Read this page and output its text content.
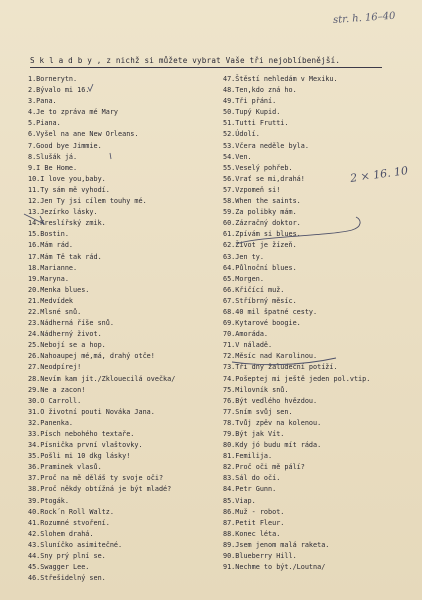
str. h. 16–40
S k l a d b y , z nichž si můžete vybrat Vaše tři nejoblíbenější.
1.Bornerytn.
2.Bývalo mi 16.
3.Pana.
4.Je to zpráva mé Mary
5.Piana.
6.Vyšel na ane New Orleans.
7.Good bye Jimmie.
8.Slušák já.
9.I Be Home.
10.I love you,baby.
11.Ty sám mě vyhodí.
12.Jen Ty jsi cílem touhy mé.
13.Jezírko lásky.
14.Kreslířský zmik.
15.Bostin.
16.Mám rád.
17.Mám Tě tak rád.
18.Marianne.
19.Maryna.
20.Menka blues.
21.Medvídek
22.Mlsné snů.
23.Nádherná říše snů.
24.Nádherný život.
25.Nebojí se a hop.
26.Nahoaupej mé,má, drahý otče!
27.Neodpírej!
28.Nevím kam jít./Zklouecilá ovečka/
29.Ne a zacon!
30.O Carroll.
31.O životní pouti Nováka Jana.
32.Panenka.
33.Písch nebohého textaře.
34.Písnička první vlaštovky.
35.Pošli mi 10 dkg lásky!
36.Praminek vlasů.
37.Proč na mě děláš ty svoje oči?
38.Proč někdy obtížná je být mladé?
39.Ptogák.
40.Rock´n Roll Waltz.
41.Rozumné stvoření.
42.Slohem drahá.
43.Sluníčko asimitečné.
44.Sny prý plní se.
45.Swagger Lee.
46.Střešidelný sen.
47.Štěstí nehledám v Mexiku.
48.Ten,kdo zná ho.
49.Tři přání.
50.Tupý Kupid.
51.Tutti Frutti.
52.Údolí.
53.Včera neděle byla.
54.Ven.
55.Veselý pohřeb.
56.Vrať se mi,drahá!
57.Vzpomeň si!
58.When the saints.
59.Za polibky mám.
60.Zázračný doktor.
61.Zpívám si blues.
62.Život je žízeň.
63.Jen ty.
64.Půlnoční blues.
65.Morgen.
66.Křičící muž.
67.Stříbrný měsíc.
68.40 mil špatné cesty.
69.Kytarové boogie.
70.Amoráda.
71.V náladě.
72.Měsíc nad Karolinou.
73.Tři dny žaludeční potíží.
74.Pošeptej mi ještě jeden pol.vtip.
75.Milovník snů.
76.Být vedlého hvězdou.
77.Sním svůj sen.
78.Tvůj zpěv na kolenou.
79.Být jak Vít.
80.Kdy jó budu mít ráda.
81.Femilija.
82.Proč oči mě pálí?
83.Sál do očí.
84.Petr Gunn.
85.Viap.
86.Muž - robot.
87.Petit Fleur.
88.Konec léta.
89.Jsem jenom malá raketa.
90.Blueberry Hill.
91.Nechme to být./Loutna/
2 × 16. 10
